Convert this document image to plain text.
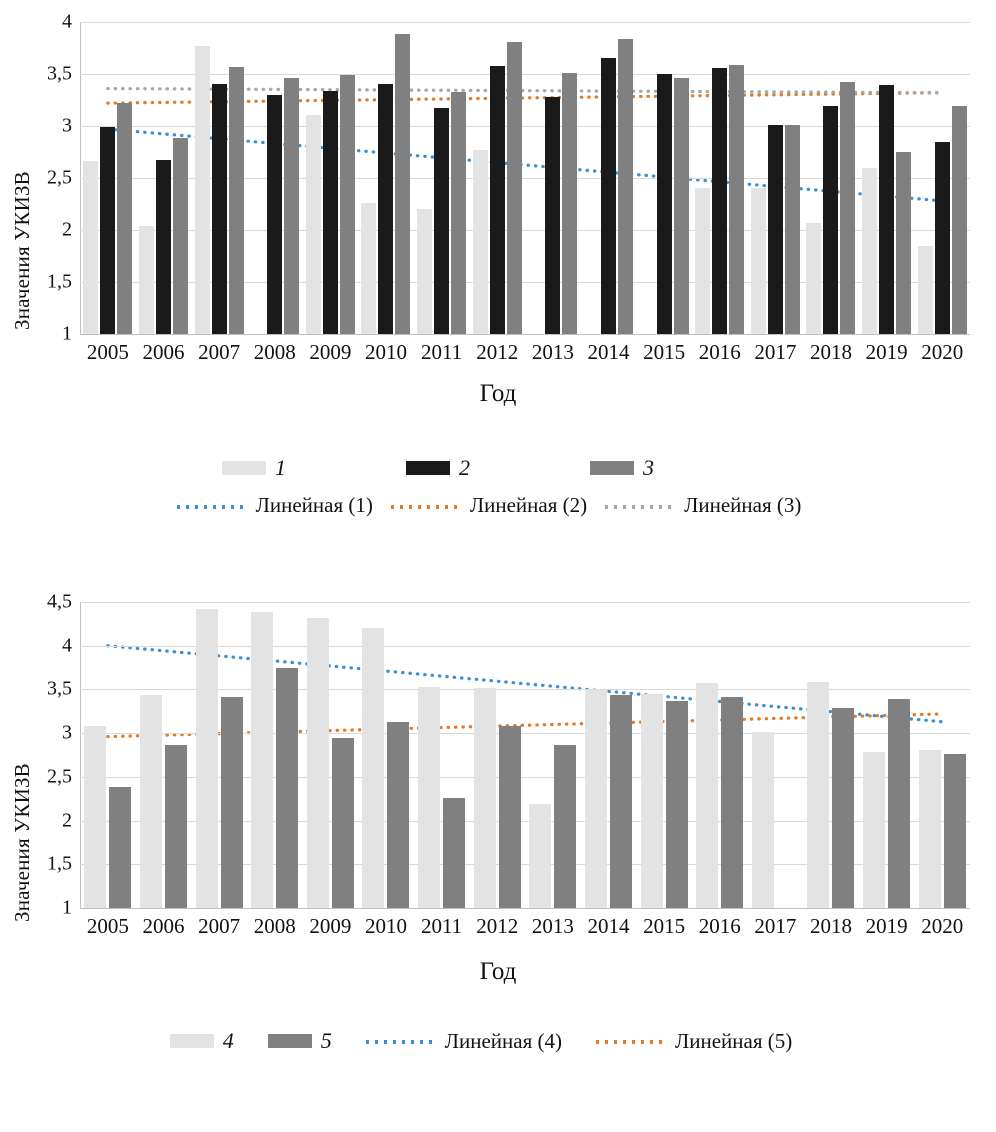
Значения УКИЗВ
1
1,5
2
2,5
3
3,5
4
2005 2006 2007 2008 2009 2010 2011 2012 2013 2014 2015 2016 2017 2018 2019 2020
Год
1	2	3
Линейная (1)	Линейная (2)	Линейная (3)
Значения УКИЗВ 1
1,5
2
2,5
3
3,5
4
4,5
2005 2006 2007 2008 2009 2010 2011 2012 2013 2014 2015 2016 2017 2018 2019 2020
Год
4	5	Линейная (4)	Линейная (5)
